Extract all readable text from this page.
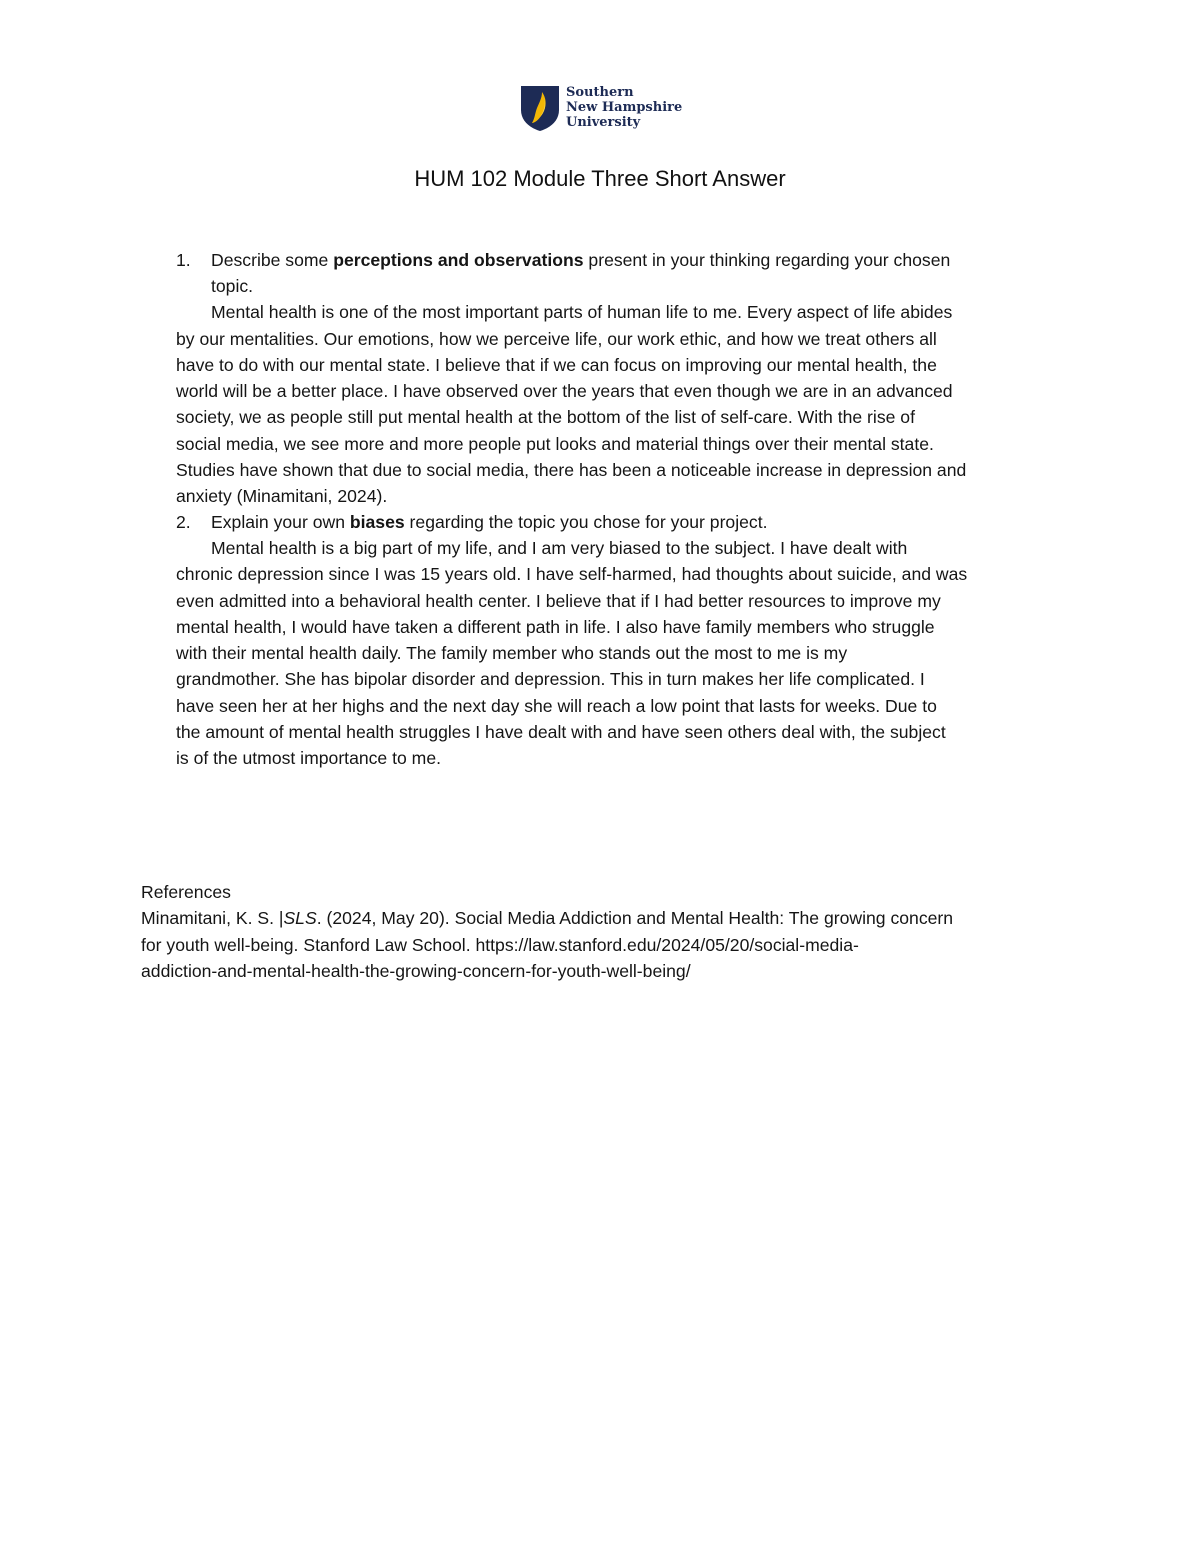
Southern
New Hampshire
University
HUM 102 Module Three Short Answer
1. Describe some perceptions and observations present in your thinking regarding your chosen
topic.
Mental health is one of the most important parts of human life to me. Every aspect of life abides
by our mentalities. Our emotions, how we perceive life, our work ethic, and how we treat others all
have to do with our mental state. I believe that if we can focus on improving our mental health, the
world will be a better place. I have observed over the years that even though we are in an advanced
society, we as people still put mental health at the bottom of the list of self-care. With the rise of
social media, we see more and more people put looks and material things over their mental state.
Studies have shown that due to social media, there has been a noticeable increase in depression and
anxiety (Minamitani, 2024).
2. Explain your own biases regarding the topic you chose for your project.
Mental health is a big part of my life, and I am very biased to the subject. I have dealt with
chronic depression since I was 15 years old. I have self-harmed, had thoughts about suicide, and was
even admitted into a behavioral health center. I believe that if I had better resources to improve my
mental health, I would have taken a different path in life. I also have family members who struggle
with their mental health daily. The family member who stands out the most to me is my
grandmother. She has bipolar disorder and depression. This in turn makes her life complicated. I
have seen her at her highs and the next day she will reach a low point that lasts for weeks. Due to
the amount of mental health struggles I have dealt with and have seen others deal with, the subject
is of the utmost importance to me.
References
Minamitani, K. S. |SLS. (2024, May 20). Social Media Addiction and Mental Health: The growing concern
for youth well-being. Stanford Law School. https://law.stanford.edu/2024/05/20/social-media-
addiction-and-mental-health-the-growing-concern-for-youth-well-being/
